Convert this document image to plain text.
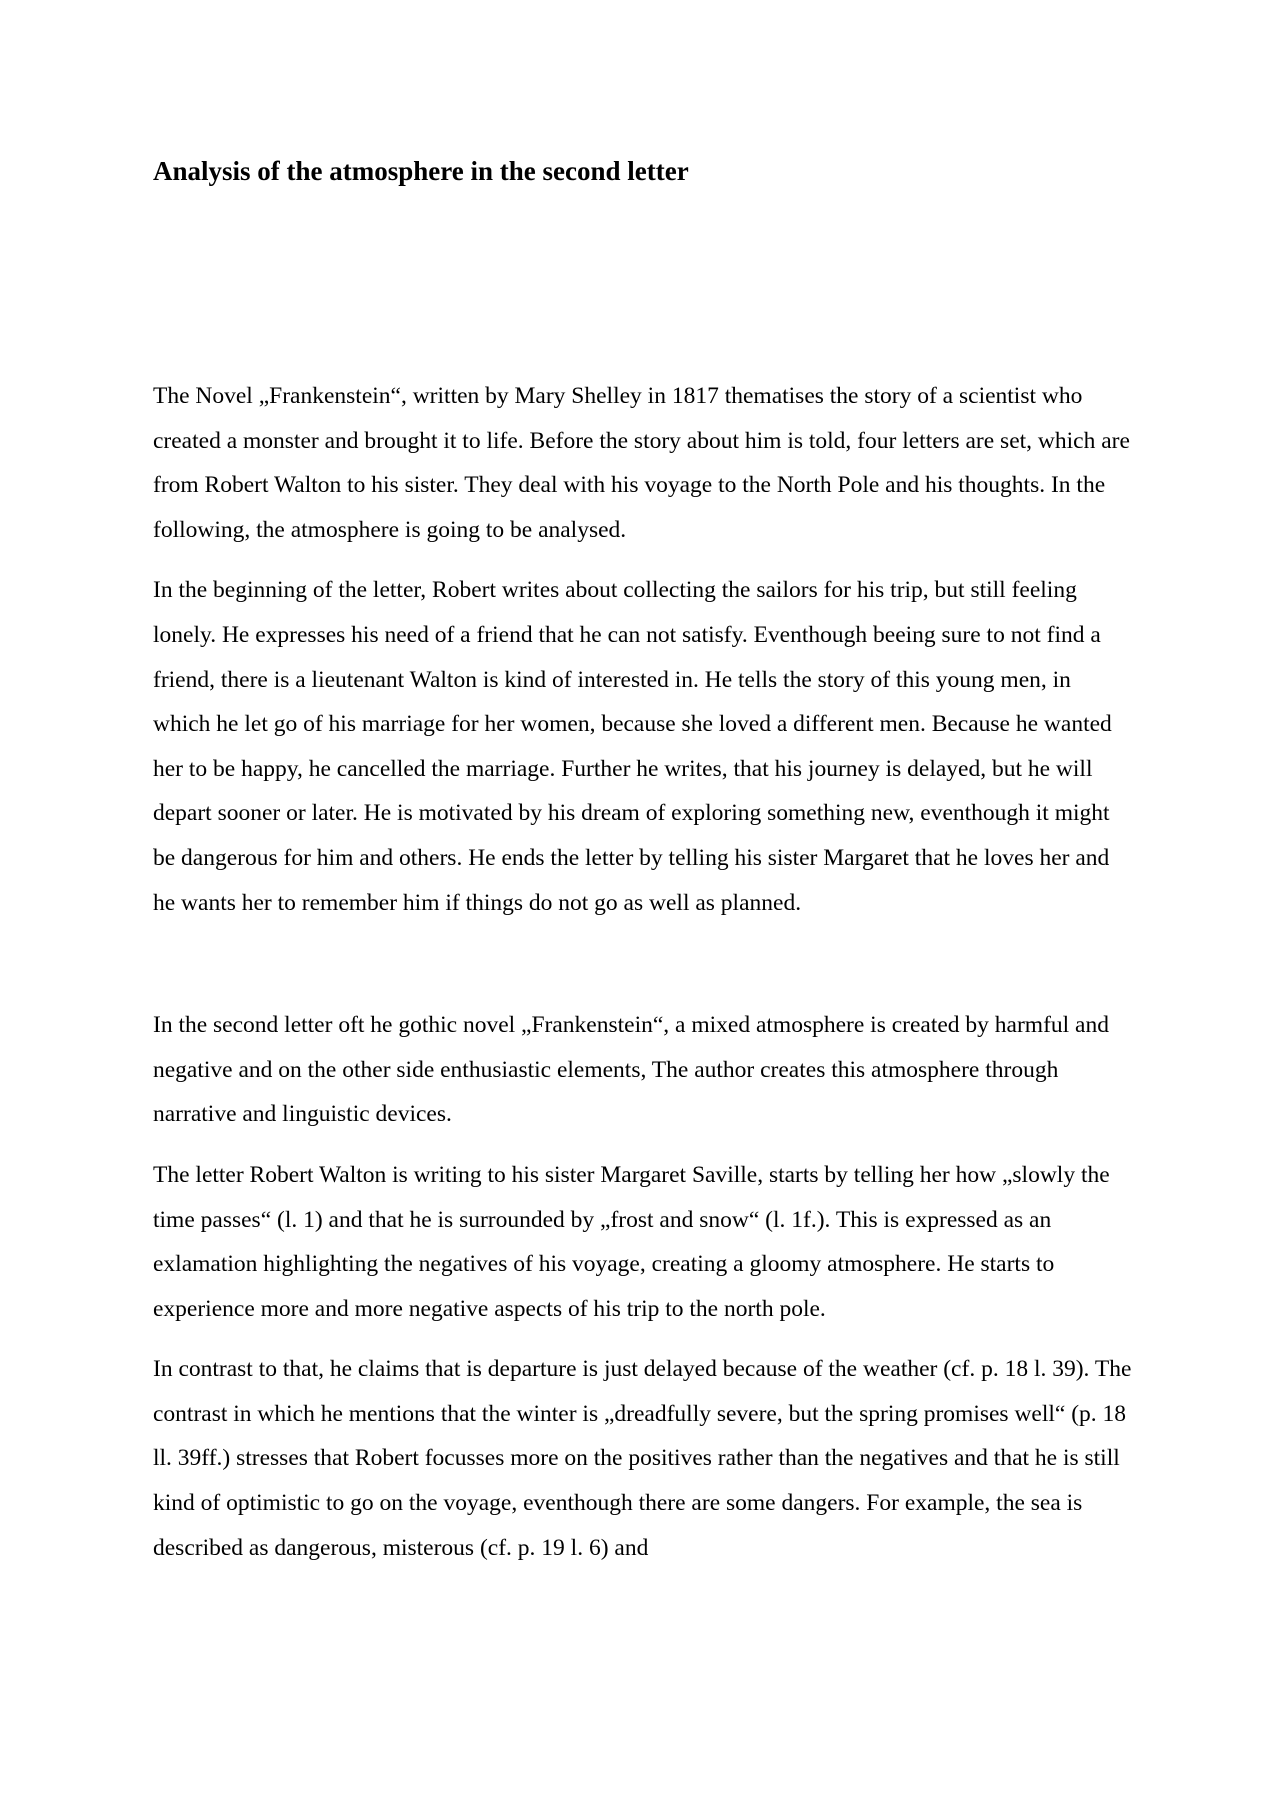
Analysis of the atmosphere in the second letter

The Novel „Frankenstein“, written by Mary Shelley in 1817 thematises the story of a scientist who created a monster and brought it to life. Before the story about him is told, four letters are set, which are from Robert Walton to his sister. They deal with his voyage to the North Pole and his thoughts. In the following, the atmosphere is going to be analysed.

In the beginning of the letter, Robert writes about collecting the sailors for his trip, but still feeling lonely. He expresses his need of a friend that he can not satisfy. Eventhough beeing sure to not find a friend, there is a lieutenant Walton is kind of interested in. He tells the story of this young men, in which he let go of his marriage for her women, because she loved a different men. Because he wanted her to be happy, he cancelled the marriage. Further he writes, that his journey is delayed, but he will depart sooner or later. He is motivated by his dream of exploring something new, eventhough it might be dangerous for him and others. He ends the letter by telling his sister Margaret that he loves her and he wants her to remember him if things do not go as well as planned.

In the second letter oft he gothic novel „Frankenstein“, a mixed atmosphere is created by harmful and negative and on the other side enthusiastic elements, The author creates this atmosphere through narrative and linguistic devices.

The letter Robert Walton is writing to his sister Margaret Saville, starts by telling her how „slowly the time passes“ (l. 1) and that he is surrounded by „frost and snow“ (l. 1f.). This is expressed as an exlamation highlighting the negatives of his voyage, creating a gloomy atmosphere. He starts to experience more and more negative aspects of his trip to the north pole.

In contrast to that, he claims that is departure is just delayed because of the weather (cf. p. 18 l. 39). The contrast in which he mentions that the winter is „dreadfully severe, but the spring promises well“ (p. 18 ll. 39ff.) stresses that Robert focusses more on the positives rather than the negatives and that he is still kind of optimistic to go on the voyage, eventhough there are some dangers. For example, the sea is described as dangerous, misterous (cf. p. 19 l. 6) and
